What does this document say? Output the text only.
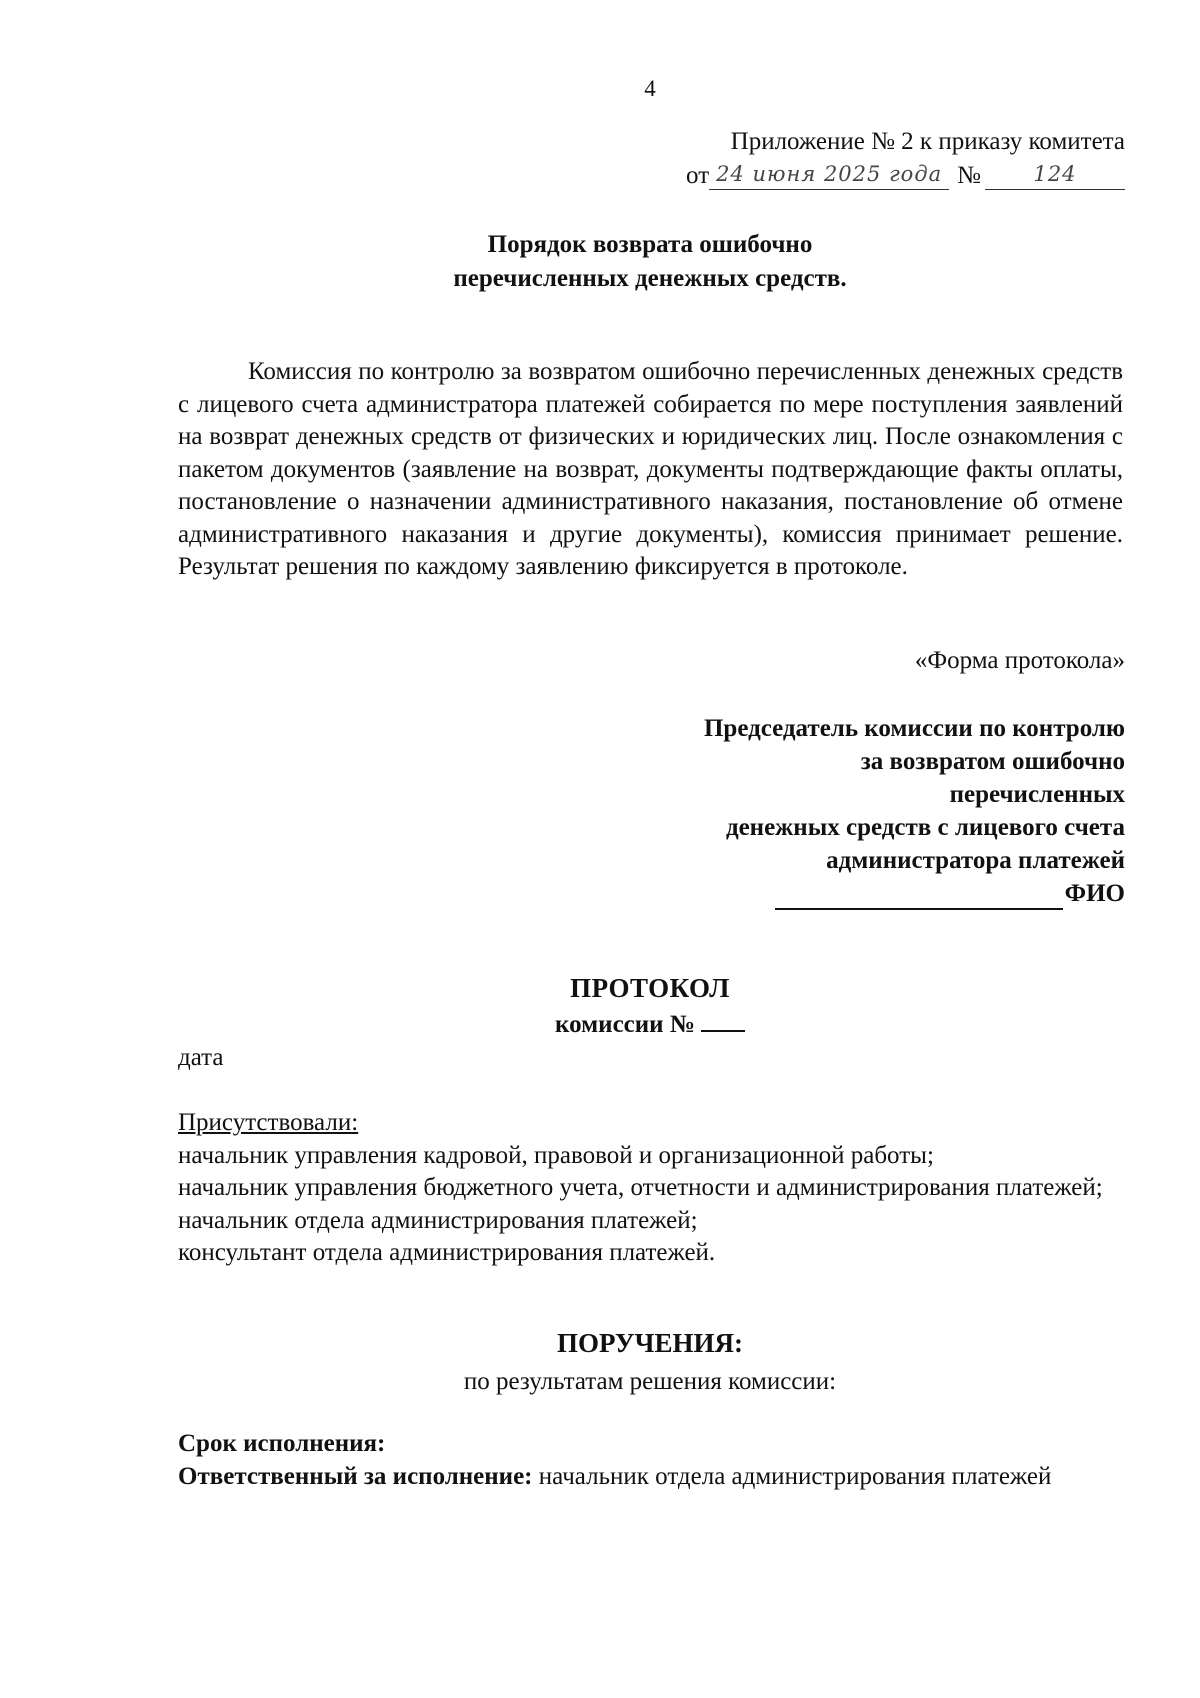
4
Приложение № 2 к приказу комитета
от 24 июня 2025 года №	124
Порядок возврата ошибочно
перечисленных денежных средств.
Комиссия по контролю за возвратом ошибочно перечисленных денежных средств с лицевого счета администратора платежей собирается по мере поступления заявлений на возврат денежных средств от физических и юридических лиц. После ознакомления с пакетом документов (заявление на возврат, документы подтверждающие факты оплаты, постановление о назначении административного наказания, постановление об отмене административного наказания и другие документы), комиссия принимает решение. Результат решения по каждому заявлению фиксируется в протоколе.
«Форма протокола»
Председатель комиссии по контролю
за возвратом ошибочно
перечисленных
денежных средств с лицевого счета
администратора платежей
ФИО
ПРОТОКОЛ
комиссии №
дата
Присутствовали:
начальник управления кадровой, правовой и организационной работы;
начальник управления бюджетного учета, отчетности и администрирования платежей;
начальник отдела администрирования платежей;
консультант отдела администрирования платежей.
ПОРУЧЕНИЯ:
по результатам решения комиссии:
Срок исполнения:
Ответственный за исполнение: начальник отдела администрирования платежей
